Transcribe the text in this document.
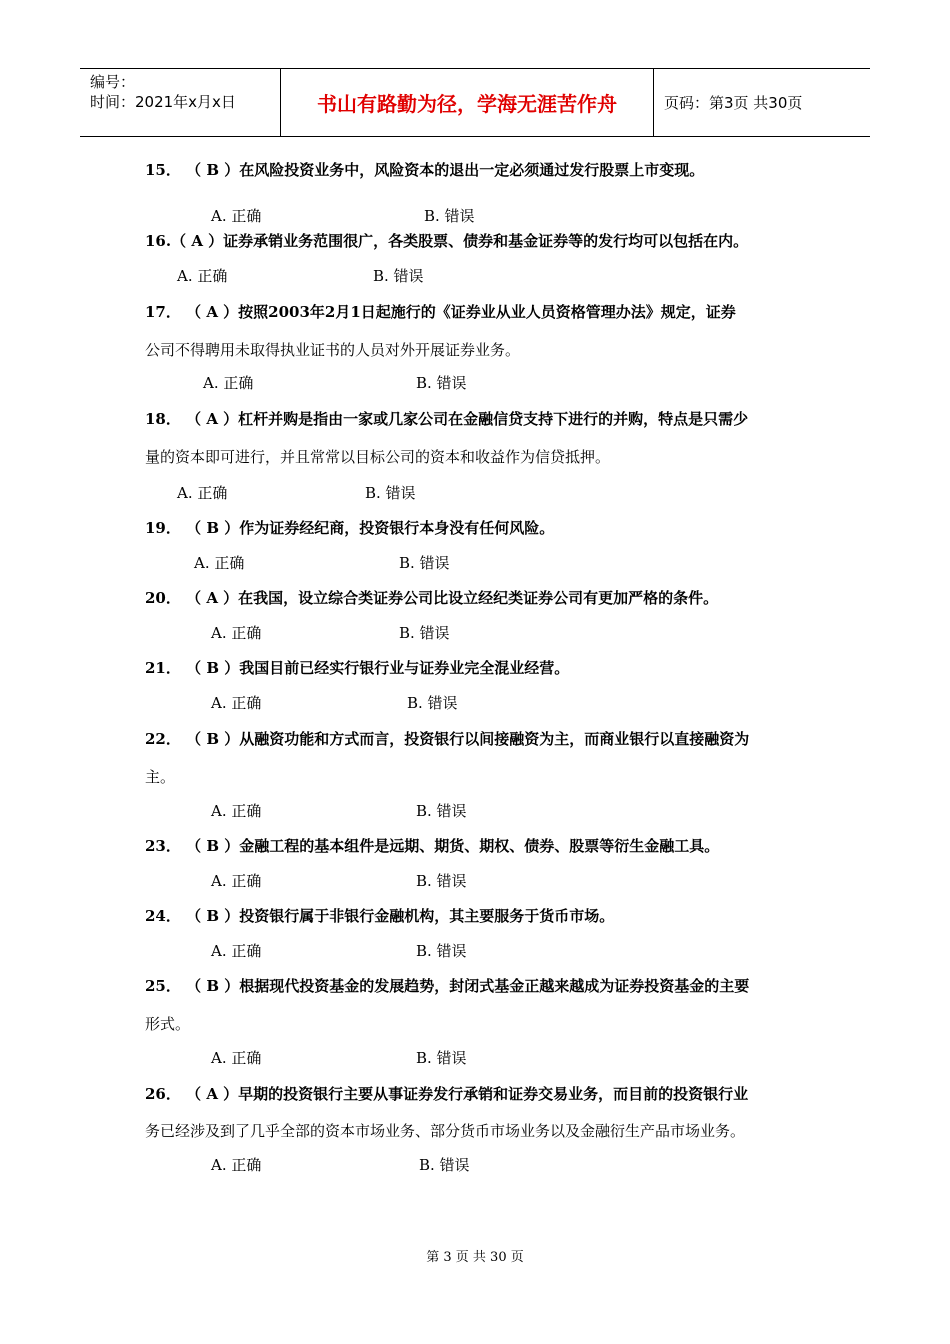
编号：
时间：2021年x月x日	书山有路勤为径，学海无涯苦作舟	页码：第3页 共30页
15． （ B ）在风险投资业务中，风险资本的退出一定必须通过发行股票上市变现。
A. 正确	B. 错误
16.（ A ）证券承销业务范围很广，各类股票、债券和基金证券等的发行均可以包括在内。
A. 正确	B. 错误
17． （ A ）按照2003年2月1日起施行的《证券业从业人员资格管理办法》规定，证券
公司不得聘用未取得执业证书的人员对外开展证券业务。
A. 正确	B. 错误
18． （ A ）杠杆并购是指由一家或几家公司在金融信贷支持下进行的并购，特点是只需少
量的资本即可进行，并且常常以目标公司的资本和收益作为信贷抵押。
A. 正确	B. 错误
19． （ B ）作为证券经纪商，投资银行本身没有任何风险。
A. 正确	B. 错误
20． （ A ）在我国，设立综合类证券公司比设立经纪类证券公司有更加严格的条件。
A. 正确	B. 错误
21． （ B ）我国目前已经实行银行业与证券业完全混业经营。
A. 正确	B. 错误
22． （ B ）从融资功能和方式而言，投资银行以间接融资为主，而商业银行以直接融资为
主。
A. 正确	B. 错误
23． （ B ）金融工程的基本组件是远期、期货、期权、债券、股票等衍生金融工具。
A. 正确	B. 错误
24． （ B ）投资银行属于非银行金融机构，其主要服务于货币市场。
A. 正确	B. 错误
25． （ B ）根据现代投资基金的发展趋势，封闭式基金正越来越成为证券投资基金的主要
形式。
A. 正确	B. 错误
26． （ A ）早期的投资银行主要从事证券发行承销和证券交易业务，而目前的投资银行业
务已经涉及到了几乎全部的资本市场业务、部分货币市场业务以及金融衍生产品市场业务。
A. 正确	B. 错误
第 3 页 共 30 页
